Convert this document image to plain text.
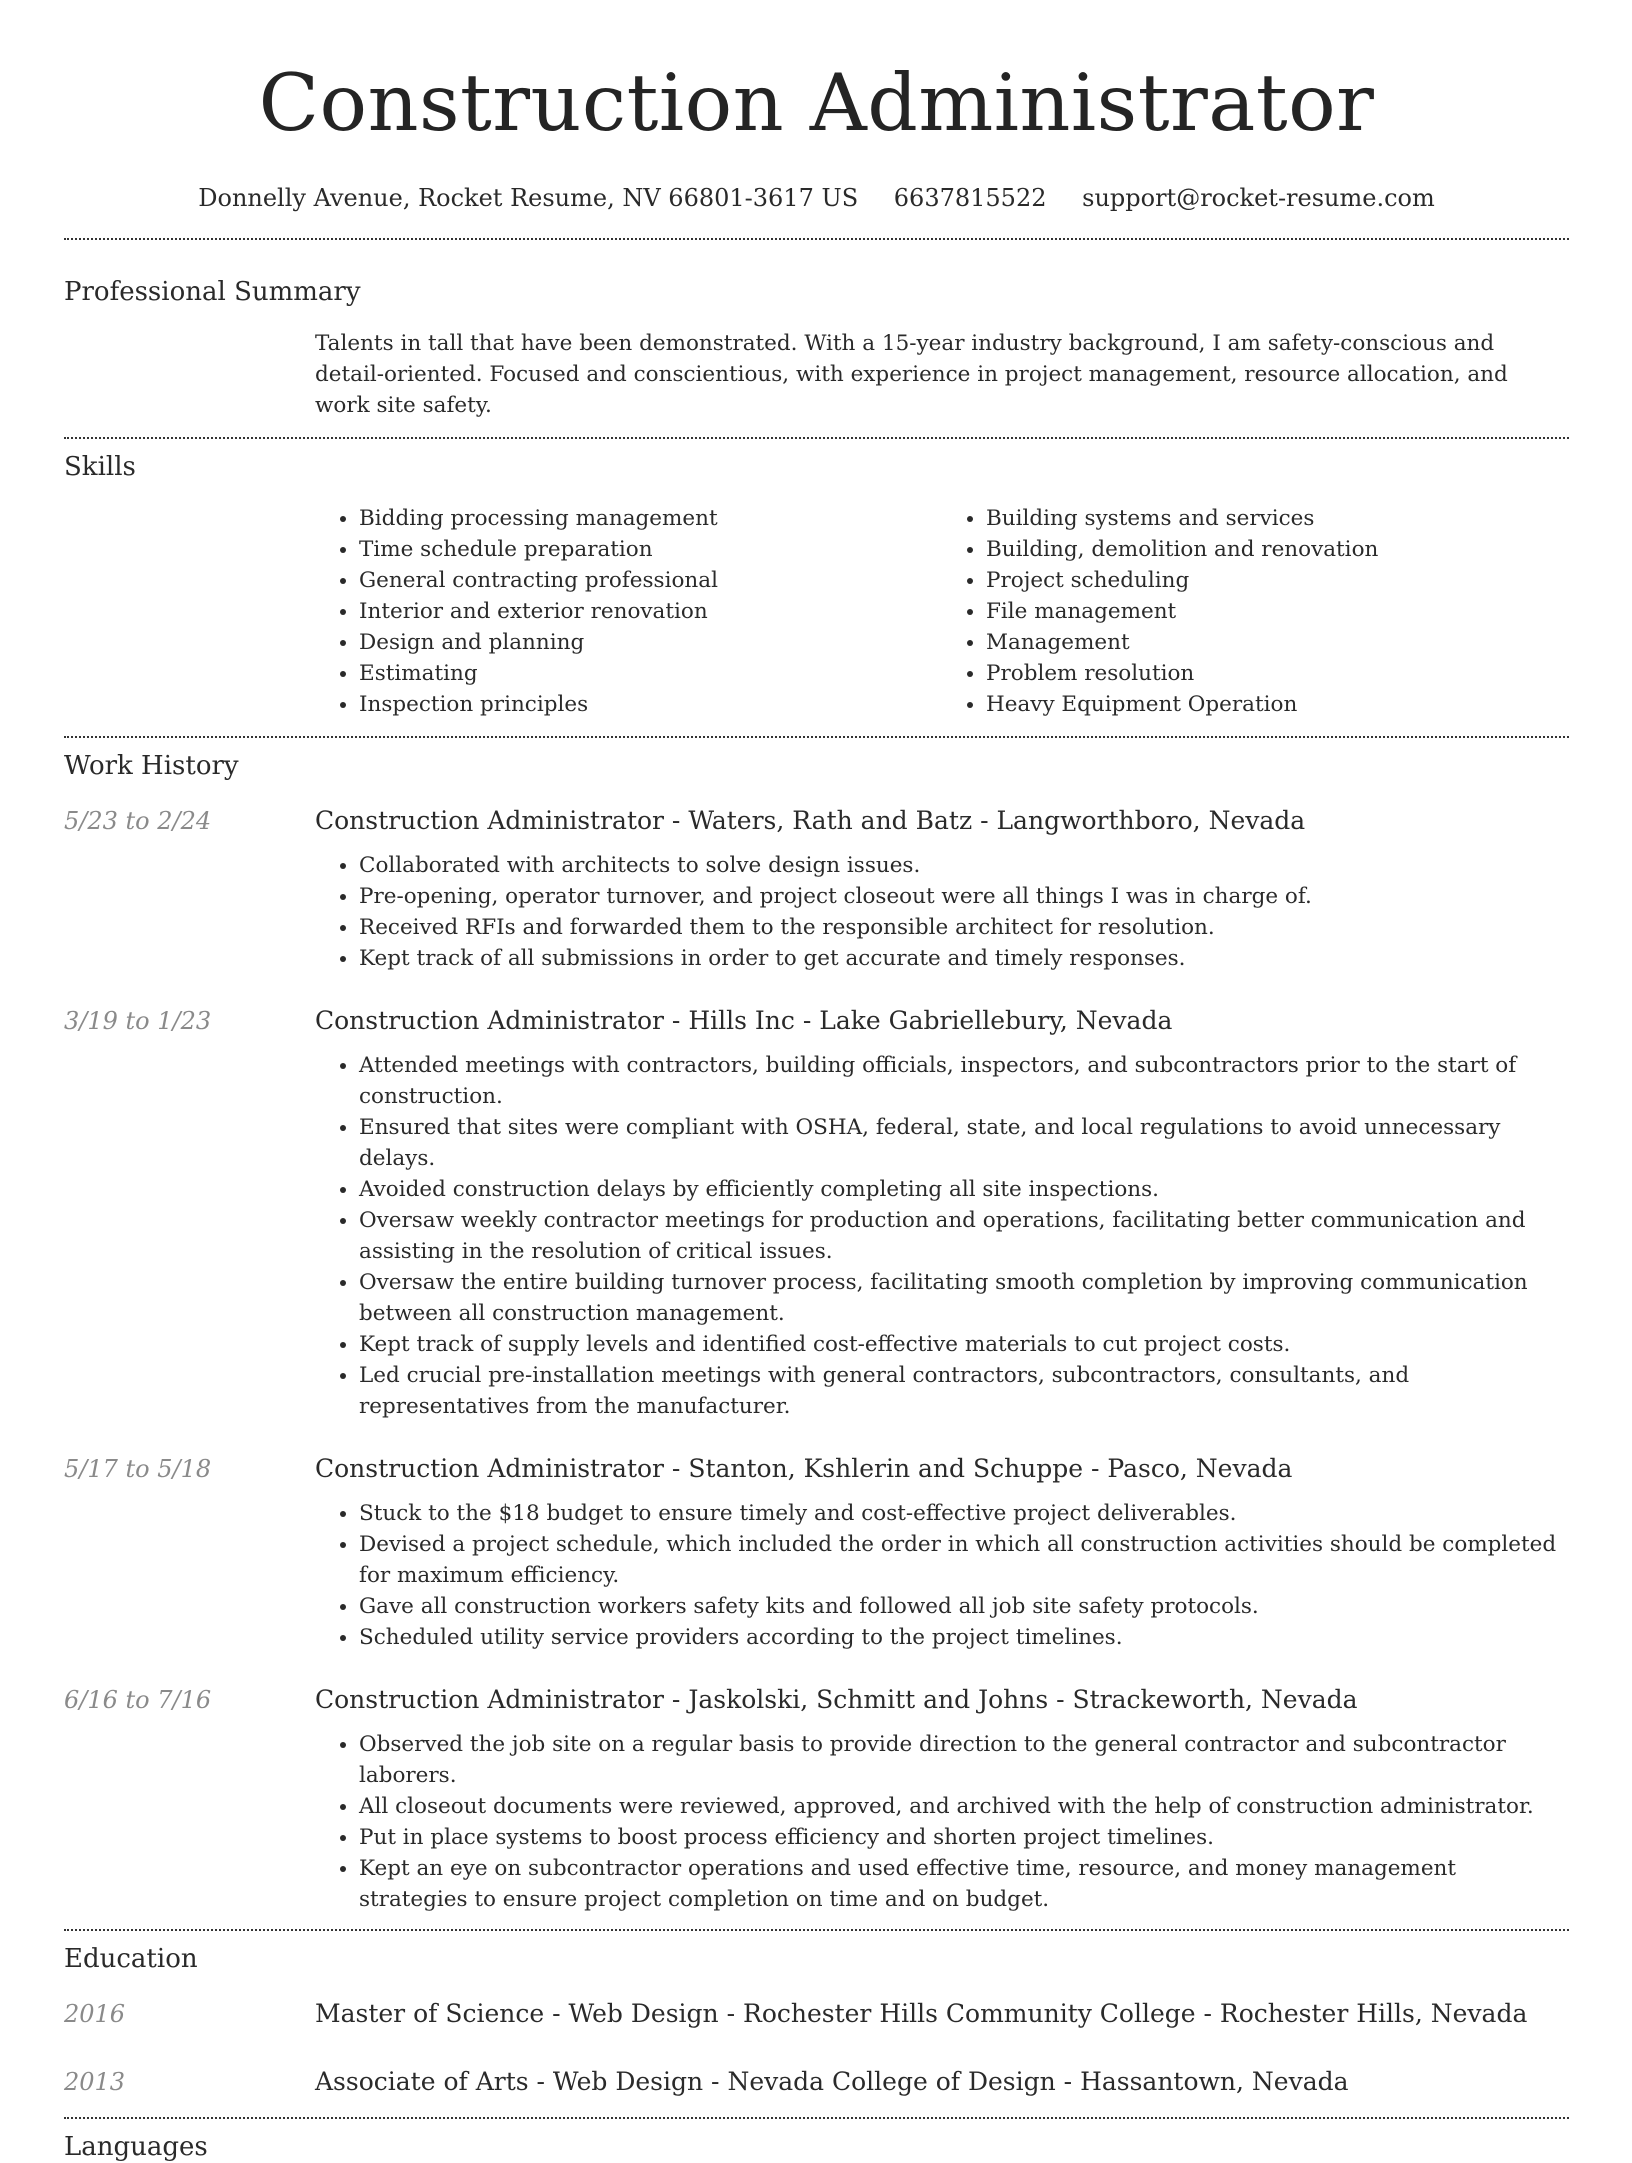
Construction Administrator
Donnelly Avenue, Rocket Resume, NV 66801-3617 US 6637815522 support@rocket-resume.com
Professional Summary
Talents in tall that have been demonstrated. With a 15-year industry background, I am safety-conscious and detail-oriented. Focused and conscientious, with experience in project management, resource allocation, and work site safety.
Skills
• Bidding processing management
• Time schedule preparation
• General contracting professional
• Interior and exterior renovation
• Design and planning
• Estimating
• Inspection principles
• Building systems and services
• Building, demolition and renovation
• Project scheduling
• File management
• Management
• Problem resolution
• Heavy Equipment Operation
Work History
5/23 to 2/24	Construction Administrator - Waters, Rath and Batz - Langworthboro, Nevada
• Collaborated with architects to solve design issues.
• Pre-opening, operator turnover, and project closeout were all things I was in charge of.
• Received RFIs and forwarded them to the responsible architect for resolution.
• Kept track of all submissions in order to get accurate and timely responses.
3/19 to 1/23	Construction Administrator - Hills Inc - Lake Gabriellebury, Nevada
• Attended meetings with contractors, building officials, inspectors, and subcontractors prior to the start of construction.
• Ensured that sites were compliant with OSHA, federal, state, and local regulations to avoid unnecessary delays.
• Avoided construction delays by efficiently completing all site inspections.
• Oversaw weekly contractor meetings for production and operations, facilitating better communication and assisting in the resolution of critical issues.
• Oversaw the entire building turnover process, facilitating smooth completion by improving communication between all construction management.
• Kept track of supply levels and identified cost-effective materials to cut project costs.
• Led crucial pre-installation meetings with general contractors, subcontractors, consultants, and representatives from the manufacturer.
5/17 to 5/18	Construction Administrator - Stanton, Kshlerin and Schuppe - Pasco, Nevada
• Stuck to the $18 budget to ensure timely and cost-effective project deliverables.
• Devised a project schedule, which included the order in which all construction activities should be completed for maximum efficiency.
• Gave all construction workers safety kits and followed all job site safety protocols.
• Scheduled utility service providers according to the project timelines.
6/16 to 7/16	Construction Administrator - Jaskolski, Schmitt and Johns - Strackeworth, Nevada
• Observed the job site on a regular basis to provide direction to the general contractor and subcontractor laborers.
• All closeout documents were reviewed, approved, and archived with the help of construction administrator.
• Put in place systems to boost process efficiency and shorten project timelines.
• Kept an eye on subcontractor operations and used effective time, resource, and money management strategies to ensure project completion on time and on budget.
Education
2016	Master of Science - Web Design - Rochester Hills Community College - Rochester Hills, Nevada
2013	Associate of Arts - Web Design - Nevada College of Design - Hassantown, Nevada
Languages
